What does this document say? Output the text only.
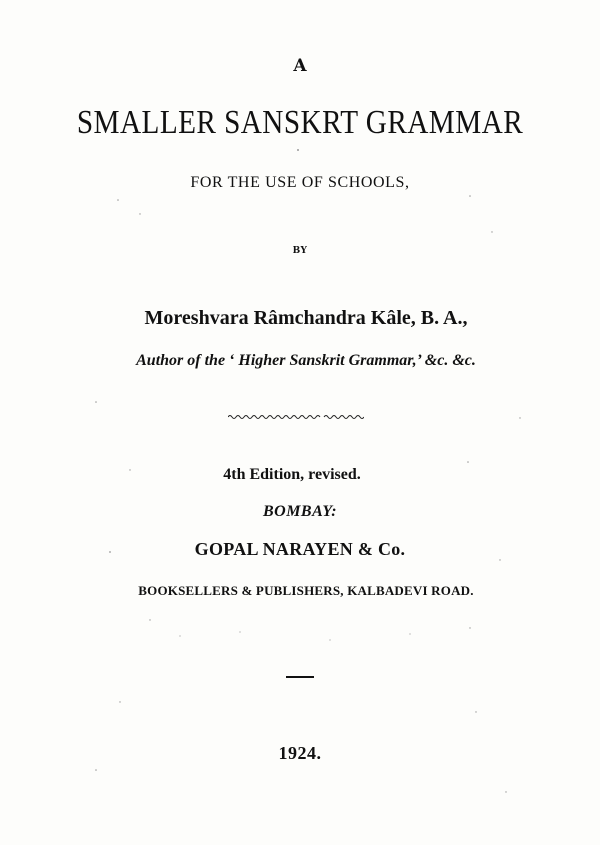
A
SMALLER SANSKRT GRAMMAR
FOR THE USE OF SCHOOLS,
BY
Moreshvara Râmchandra Kâle, B. A.,
Author of the ‘ Higher Sanskrit Grammar,’ &c. &c.
4th Edition, revised.
BOMBAY:
GOPAL NARAYEN & Co.
BOOKSELLERS & PUBLISHERS, KALBADEVI ROAD.
1924.
